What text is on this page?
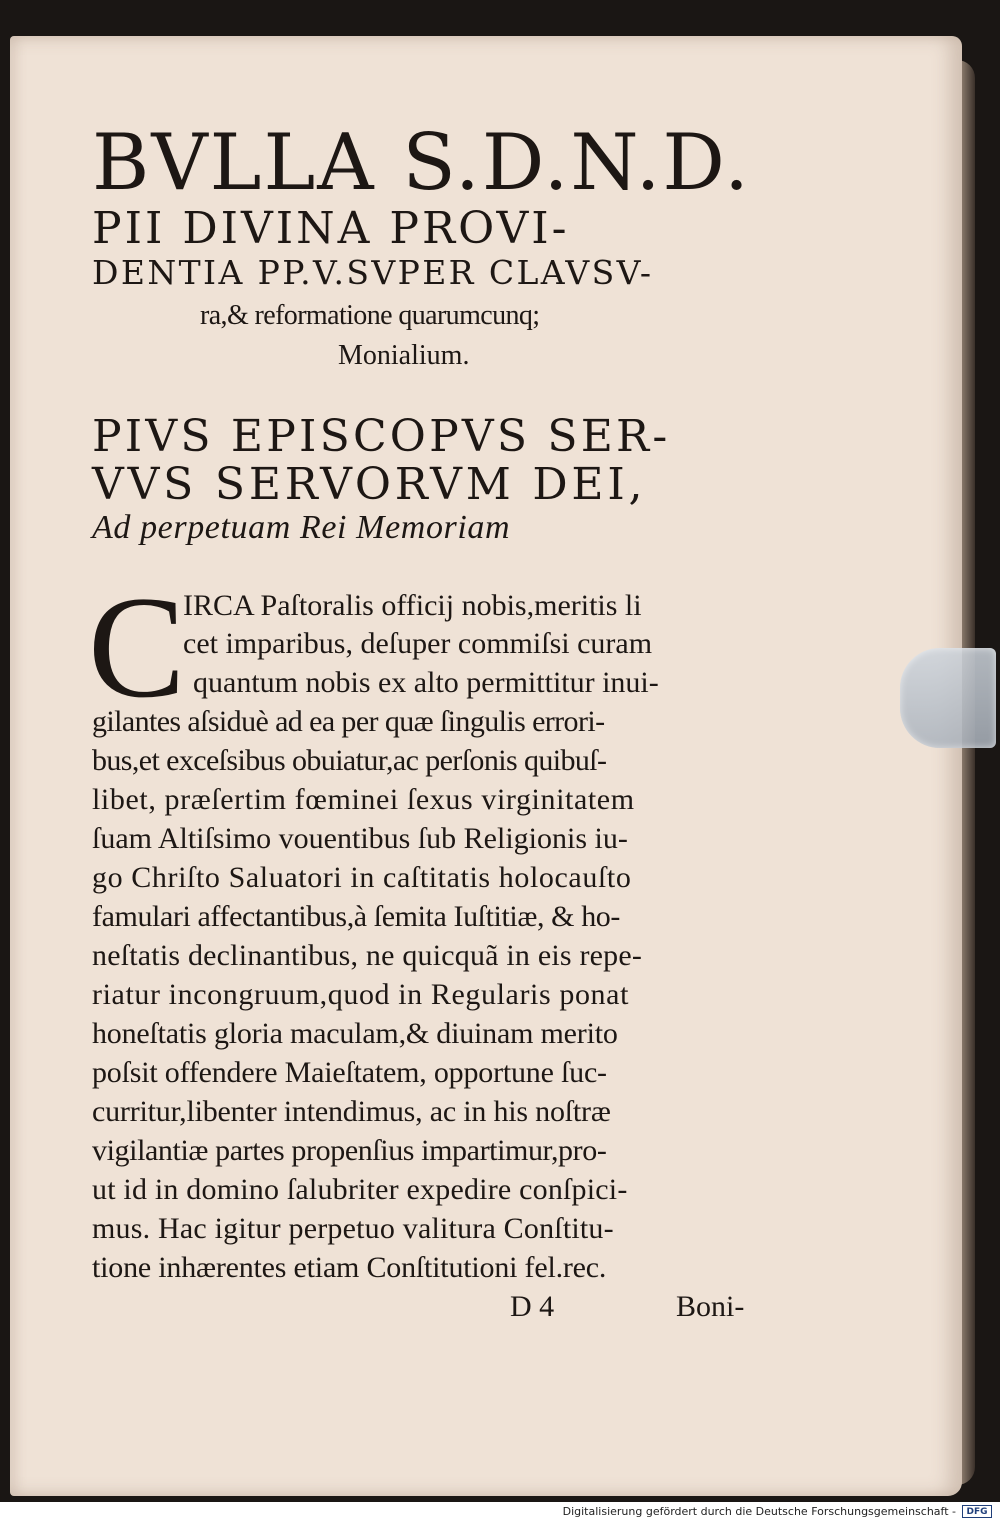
BVLLA S.D.N.D.
PII DIVINA PROVI-
DENTIA PP.V.SVPER CLAVSV-
ra,& reformatione quarumcunq;
Monialium.
PIVS EPISCOPVS SER-
VVS SERVORVM DEI,
Ad perpetuam Rei Memoriam
C
IRCA Paſtoralis officij nobis,meritis li
cet imparibus, deſuper commiſsi curam
quantum nobis ex alto permittitur inui-
gilantes aſsiduè ad ea per quæ ſingulis errori-
bus,et exceſsibus obuiatur,ac perſonis quibuſ-
libet, præſertim fœminei ſexus virginitatem
ſuam Altiſsimo vouentibus ſub Religionis iu-
go Chriſto Saluatori in caſtitatis holocauſto
famulari affectantibus,à ſemita Iuſtitiæ, & ho-
neſtatis declinantibus, ne quicquã in eis repe-
riatur incongruum,quod in Regularis ponat
honeſtatis gloria maculam,& diuinam merito
poſsit offendere Maieſtatem, opportune ſuc-
curritur,libenter intendimus, ac in his noſtræ
vigilantiæ partes propenſius impartimur,pro-
ut id in domino ſalubriter expedire conſpici-
mus. Hac igitur perpetuo valitura Conſtitu-
tione inhærentes etiam Conſtitutioni fel.rec.
D 4	Boni-
Digitalisierung gefördert durch die Deutsche Forschungsgemeinschaft -	DFG
